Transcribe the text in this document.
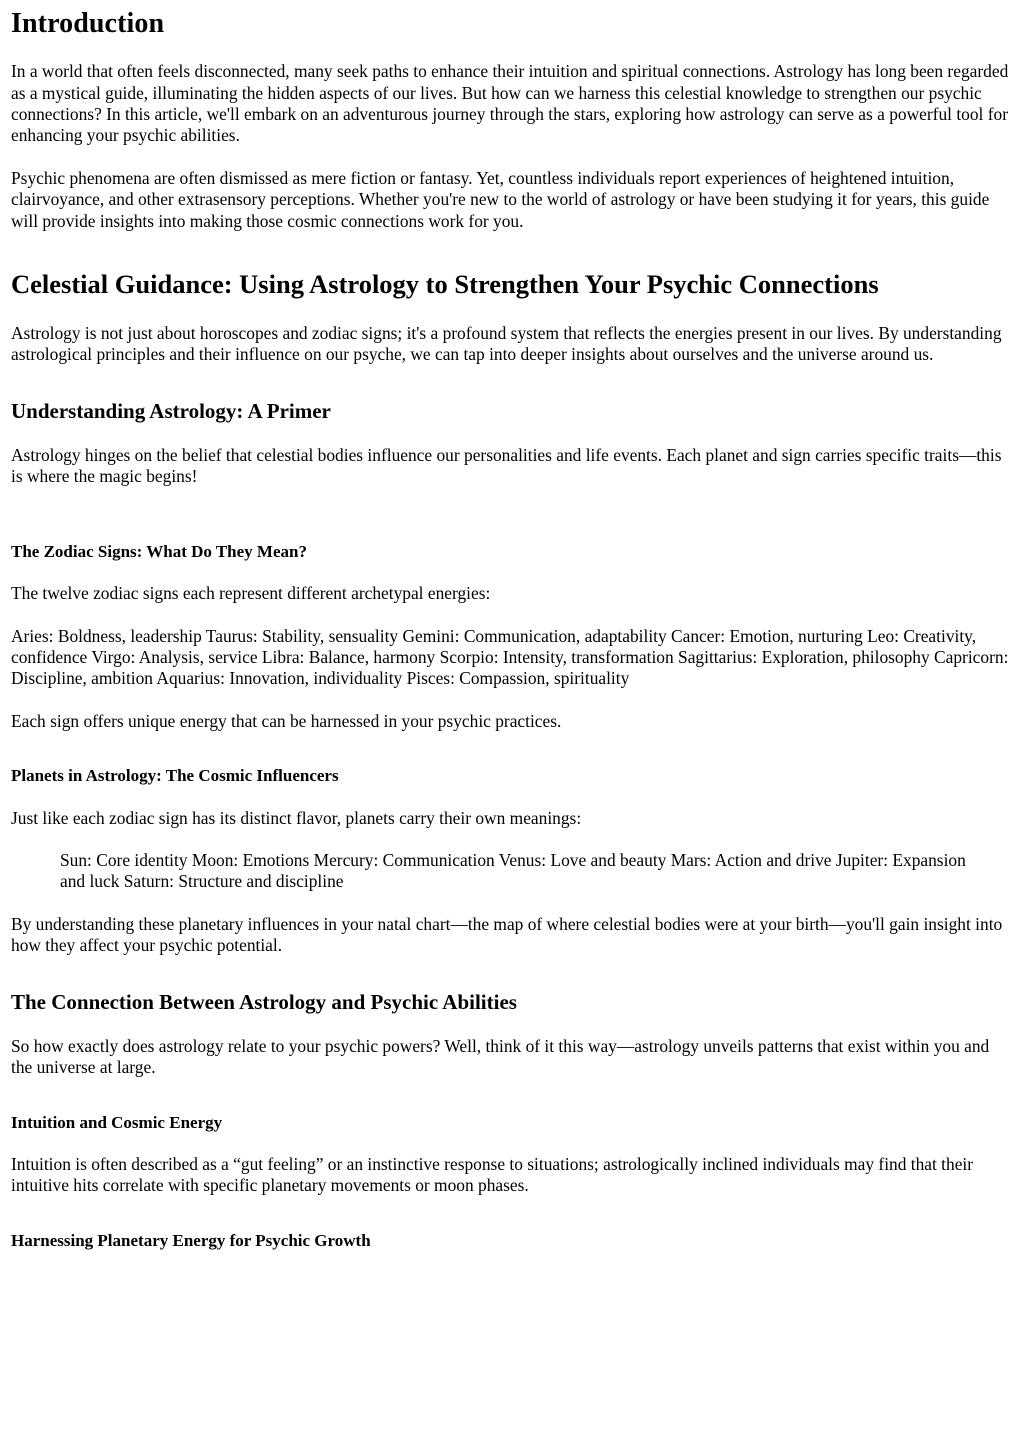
Introduction

In a world that often feels disconnected, many seek paths to enhance their intuition and spiritual connections. Astrology has long been regarded as a mystical guide, illuminating the hidden aspects of our lives. But how can we harness this celestial knowledge to strengthen our psychic connections? In this article, we'll embark on an adventurous journey through the stars, exploring how astrology can serve as a powerful tool for enhancing your psychic abilities.

Psychic phenomena are often dismissed as mere fiction or fantasy. Yet, countless individuals report experiences of heightened intuition, clairvoyance, and other extrasensory perceptions. Whether you're new to the world of astrology or have been studying it for years, this guide will provide insights into making those cosmic connections work for you.

Celestial Guidance: Using Astrology to Strengthen Your Psychic Connections

Astrology is not just about horoscopes and zodiac signs; it's a profound system that reflects the energies present in our lives. By understanding astrological principles and their influence on our psyche, we can tap into deeper insights about ourselves and the universe around us.

Understanding Astrology: A Primer

Astrology hinges on the belief that celestial bodies influence our personalities and life events. Each planet and sign carries specific traits—this is where the magic begins!

The Zodiac Signs: What Do They Mean?

The twelve zodiac signs each represent different archetypal energies:

Aries: Boldness, leadership Taurus: Stability, sensuality Gemini: Communication, adaptability Cancer: Emotion, nurturing Leo: Creativity, confidence Virgo: Analysis, service Libra: Balance, harmony Scorpio: Intensity, transformation Sagittarius: Exploration, philosophy Capricorn: Discipline, ambition Aquarius: Innovation, individuality Pisces: Compassion, spirituality

Each sign offers unique energy that can be harnessed in your psychic practices.

Planets in Astrology: The Cosmic Influencers

Just like each zodiac sign has its distinct flavor, planets carry their own meanings:

Sun: Core identity Moon: Emotions Mercury: Communication Venus: Love and beauty Mars: Action and drive Jupiter: Expansion and luck Saturn: Structure and discipline

By understanding these planetary influences in your natal chart—the map of where celestial bodies were at your birth—you'll gain insight into how they affect your psychic potential.

The Connection Between Astrology and Psychic Abilities

So how exactly does astrology relate to your psychic powers? Well, think of it this way—astrology unveils patterns that exist within you and the universe at large.

Intuition and Cosmic Energy

Intuition is often described as a “gut feeling” or an instinctive response to situations; astrologically inclined individuals may find that their intuitive hits correlate with specific planetary movements or moon phases.

Harnessing Planetary Energy for Psychic Growth
